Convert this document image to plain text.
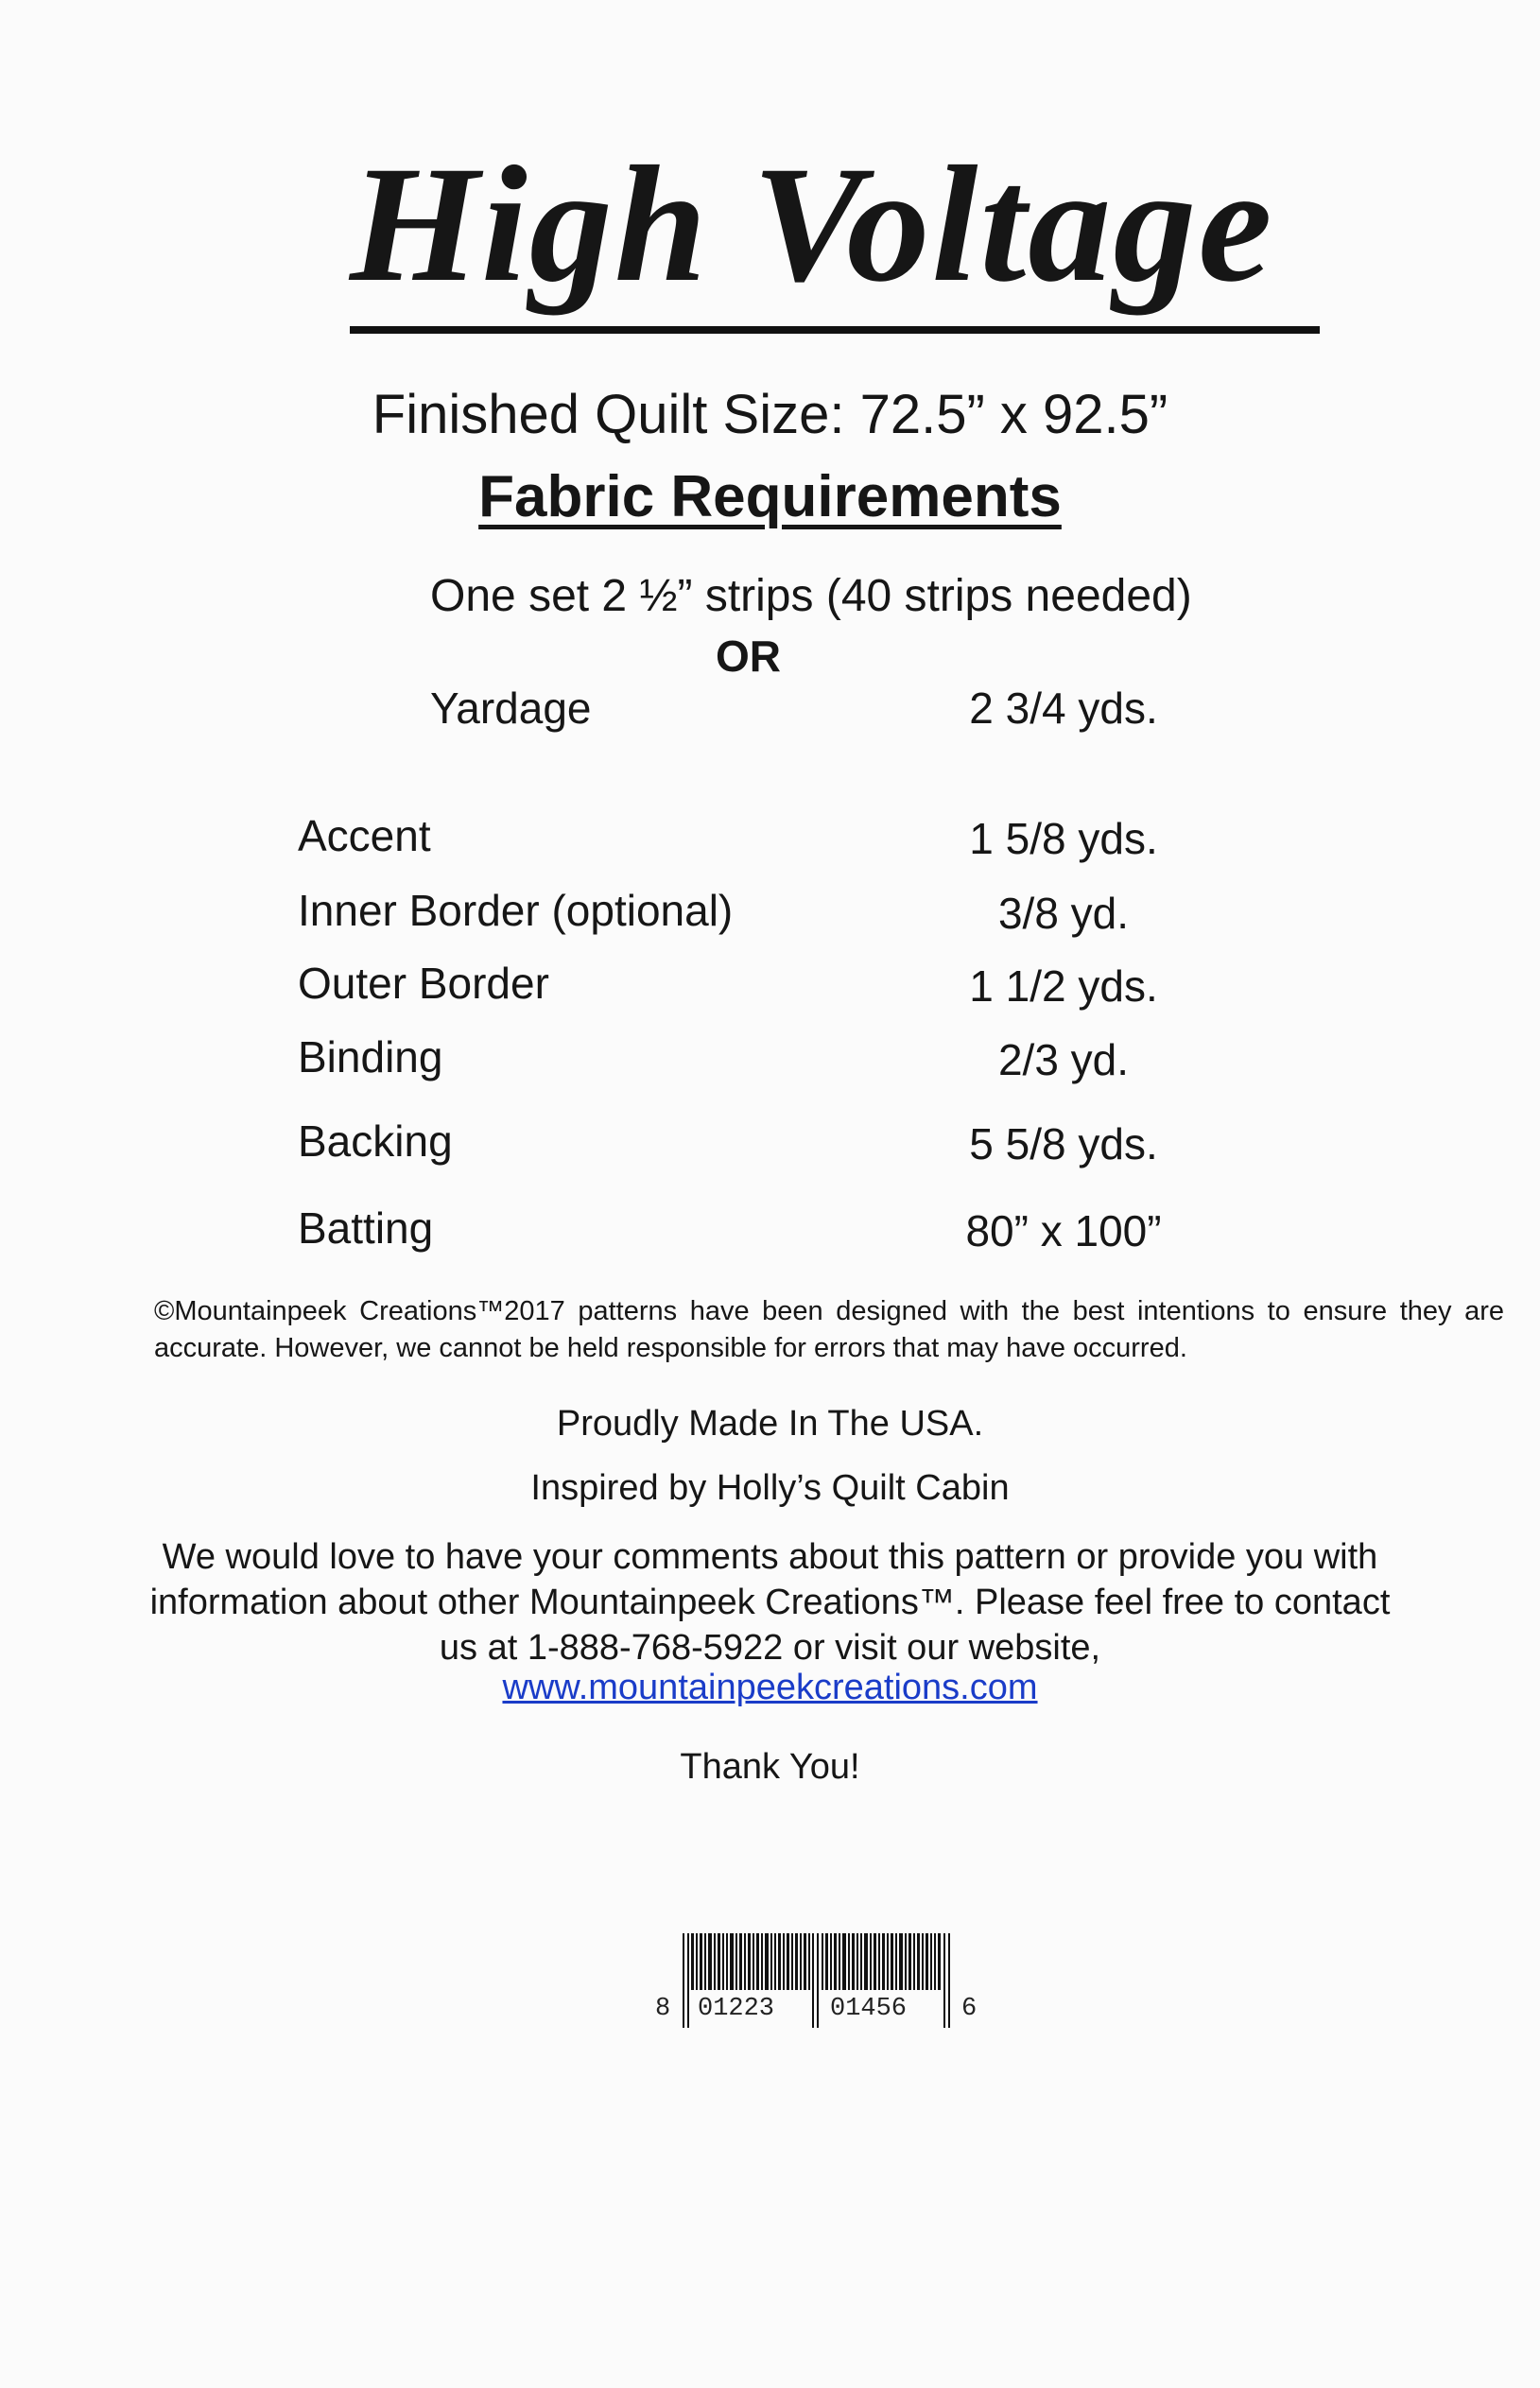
High Voltage
Finished Quilt Size: 72.5” x 92.5”
Fabric Requirements
One set 2 ½” strips (40 strips needed)
OR
Yardage	2 3/4 yds.
Accent	1 5/8 yds.
Inner Border (optional)	3/8 yd.
Outer Border	1 1/2 yds.
Binding	2/3 yd.
Backing	5 5/8 yds.
Batting	80” x 100”
©Mountainpeek Creations™2017 patterns have been designed with the best intentions to ensure they are accurate. However, we cannot be held responsible for errors that may have occurred.
Proudly Made In The USA.
Inspired by Holly’s Quilt Cabin
We would love to have your comments about this pattern or provide you with information about other Mountainpeek Creations™. Please feel free to contact us at 1-888-768-5922 or visit our website,
www.mountainpeekcreations.com
Thank You!
8 01223 01456 6
